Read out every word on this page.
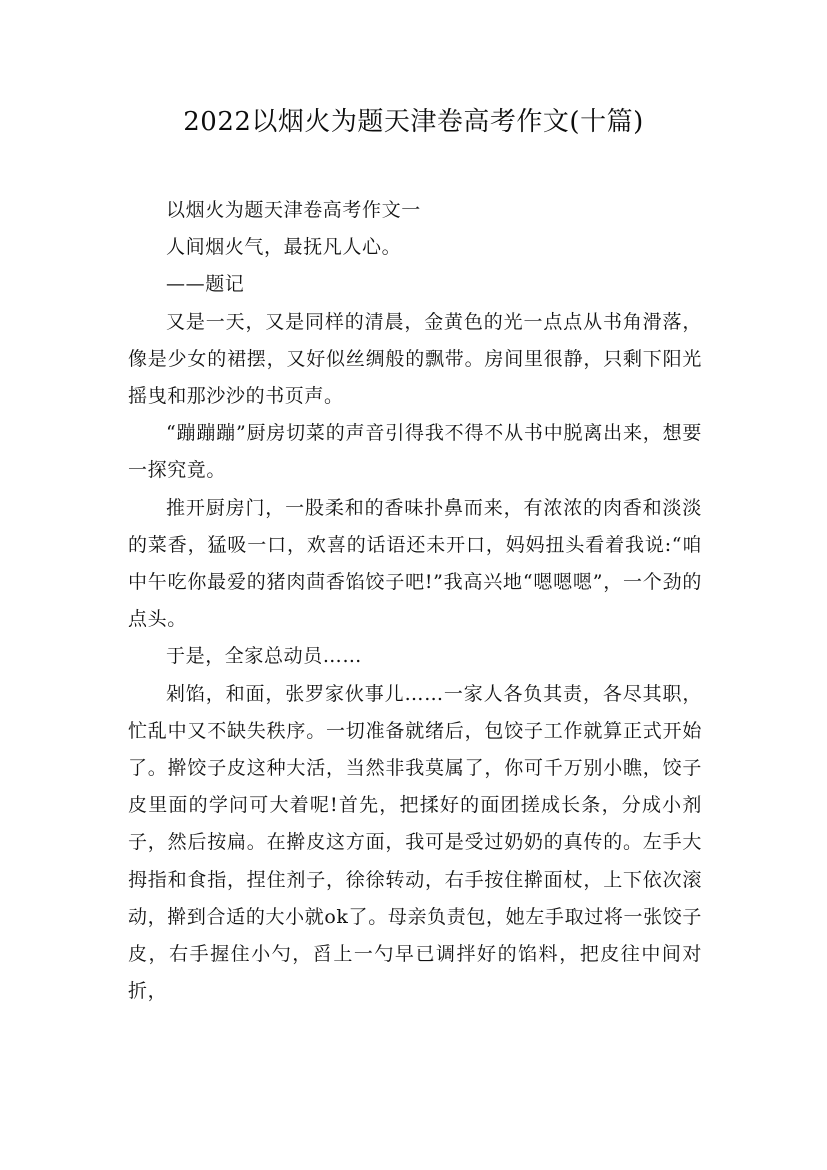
2022以烟火为题天津卷高考作文(十篇)

以烟火为题天津卷高考作文一

人间烟火气，最抚凡人心。

——题记

又是一天，又是同样的清晨，金黄色的光一点点从书角滑落，像是少女的裙摆，又好似丝绸般的飘带。房间里很静，只剩下阳光摇曳和那沙沙的书页声。

“蹦蹦蹦”厨房切菜的声音引得我不得不从书中脱离出来，想要一探究竟。

推开厨房门，一股柔和的香味扑鼻而来，有浓浓的肉香和淡淡的菜香，猛吸一口，欢喜的话语还未开口，妈妈扭头看着我说:“咱中午吃你最爱的猪肉茴香馅饺子吧!”我高兴地“嗯嗯嗯”，一个劲的点头。

于是，全家总动员……

剁馅，和面，张罗家伙事儿……一家人各负其责，各尽其职，忙乱中又不缺失秩序。一切准备就绪后，包饺子工作就算正式开始了。擀饺子皮这种大活，当然非我莫属了，你可千万别小瞧，饺子皮里面的学问可大着呢!首先，把揉好的面团搓成长条，分成小剂子，然后按扁。在擀皮这方面，我可是受过奶奶的真传的。左手大拇指和食指，捏住剂子，徐徐转动，右手按住擀面杖，上下依次滚动，擀到合适的大小就ok了。母亲负责包，她左手取过将一张饺子皮，右手握住小勺，舀上一勺早已调拌好的馅料，把皮往中间对折，
